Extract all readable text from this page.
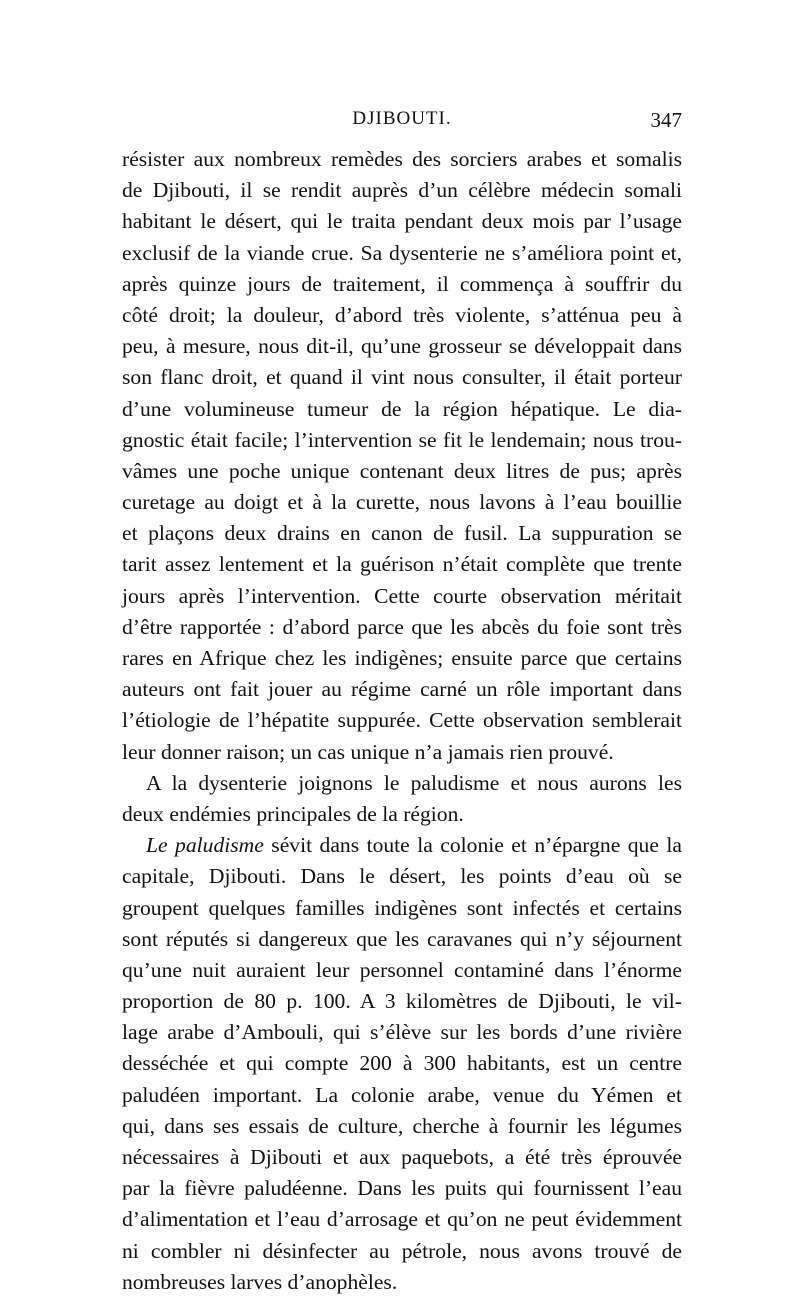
DJIBOUTI.	347
résister aux nombreux remèdes des sorciers arabes et somalis
de Djibouti, il se rendit auprès d’un célèbre médecin somali
habitant le désert, qui le traita pendant deux mois par l’usage
exclusif de la viande crue. Sa dysenterie ne s’améliora point et,
après quinze jours de traitement, il commença à souffrir du
côté droit; la douleur, d’abord très violente, s’atténua peu à
peu, à mesure, nous dit-il, qu’une grosseur se développait dans
son flanc droit, et quand il vint nous consulter, il était porteur
d’une volumineuse tumeur de la région hépatique. Le dia-
gnostic était facile; l’intervention se fit le lendemain; nous trou-
vâmes une poche unique contenant deux litres de pus; après
curetage au doigt et à la curette, nous lavons à l’eau bouillie
et plaçons deux drains en canon de fusil. La suppuration se
tarit assez lentement et la guérison n’était complète que trente
jours après l’intervention. Cette courte observation méritait
d’être rapportée : d’abord parce que les abcès du foie sont très
rares en Afrique chez les indigènes; ensuite parce que certains
auteurs ont fait jouer au régime carné un rôle important dans
l’étiologie de l’hépatite suppurée. Cette observation semblerait
leur donner raison; un cas unique n’a jamais rien prouvé.
A la dysenterie joignons le paludisme et nous aurons les
deux endémies principales de la région.
Le paludisme sévit dans toute la colonie et n’épargne que la
capitale, Djibouti. Dans le désert, les points d’eau où se
groupent quelques familles indigènes sont infectés et certains
sont réputés si dangereux que les caravanes qui n’y séjournent
qu’une nuit auraient leur personnel contaminé dans l’énorme
proportion de 80 p. 100. A 3 kilomètres de Djibouti, le vil-
lage arabe d’Ambouli, qui s’élève sur les bords d’une rivière
desséchée et qui compte 200 à 300 habitants, est un centre
paludéen important. La colonie arabe, venue du Yémen et
qui, dans ses essais de culture, cherche à fournir les légumes
nécessaires à Djibouti et aux paquebots, a été très éprouvée
par la fièvre paludéenne. Dans les puits qui fournissent l’eau
d’alimentation et l’eau d’arrosage et qu’on ne peut évidemment
ni combler ni désinfecter au pétrole, nous avons trouvé de
nombreuses larves d’anophèles.
